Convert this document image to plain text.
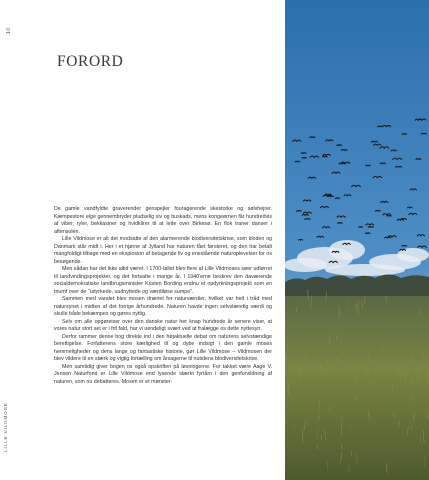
10
LILLE VILDMOSE
FORORD

De gamle vandfyldte graverender genspejler fouragerende skestorke og sølvhejrer. Kæmpestore elge gennembryder pludselig siv og buskads, mens kongeørnen får hundredvis af viber, ryler, bekkasiner og hvidklirer til at lette over Birkesø. En flok traner danser i aftensolen.

Lille Vildmose er alt det modsatte af den alarmerende biodiversitetskrise, som kloden og Danmark står midt i. Her i et hjørne af Jylland har naturen fået førsteret, og den har betalt mangfoldigt tilbage med en eksplosion af betagende liv og enestående naturoplevelser for os besøgende.

Men sådan har det ikke altid været. I 1700-tallet blev flere af Lille Vildmoses søer udtørret til landvindingsprojekter, og det fortsatte i mange år. I 1940'erne beskrev den daværende socialdemokratiske landbrugsminister Kristen Bording endnu et opdyrkningsprojekt som en triumf over de "udyrkede, uudnyttede og værdiløse sumpe".

Sammen med vandet blev mosen drænet for naturværdier, hvilket var helt i tråd med natursynet i midten af det forrige århundrede. Naturen havde ingen selvstændig værdi og skulle både bekæmpes og gøres nyttig.

Selv om alle opgøreiser over den danske natur her knap hundrede år senere viser, at vores natur stort set er i frit fald, har vi uendeligt svært ved at fralægge os dette nyttesyn.

Derfor rammer denne bog direkte ind i den højaktuelle debat om naturens selvstændige berettigelse. Forfatterens store kærlighed til og dybe indsigt i den gamle moses hemmeligheder og dens lange og fantastiske historie, gør Lille Vildmose – Vildmosen der blev vildere til en stærk og vigtig fortælling om årsagerne til nutidens biodiversitetskrise.

Men samtidig giver bogen os også opskriften på løsningerne. For takket være Aage V. Jensen Naturfond er Lille Vildmose end lysende stærkt fyrtårn i den genforvildning af naturen, som nu debatteres. Mosen er et mønster-
